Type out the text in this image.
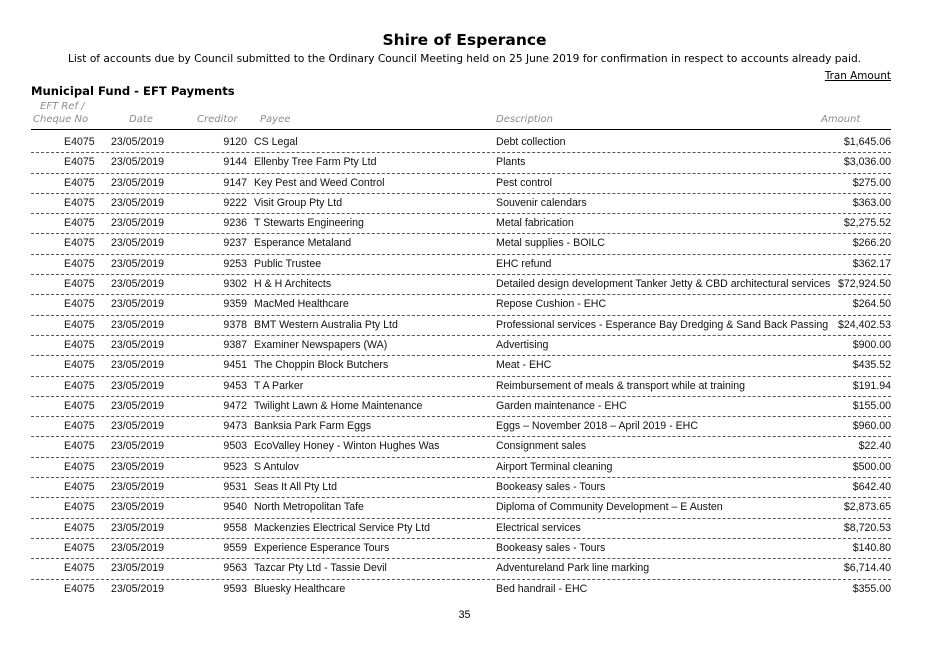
Shire of Esperance
List of accounts due by Council submitted to the Ordinary Council Meeting held on 25 June 2019 for confirmation in respect to accounts already paid.
Tran Amount
Municipal Fund - EFT Payments
EFT Ref /
Cheque No	Date	Creditor Payee	Description	Amount
E4075 23/05/2019	9120 CS Legal	Debt collection	$1,645.06
E4075 23/05/2019	9144 Ellenby Tree Farm Pty Ltd	Plants	$3,036.00
E4075 23/05/2019	9147 Key Pest and Weed Control	Pest control	$275.00
E4075 23/05/2019	9222 Visit Group Pty Ltd	Souvenir calendars	$363.00
E4075 23/05/2019	9236 T Stewarts Engineering	Metal fabrication	$2,275.52
E4075 23/05/2019	9237 Esperance Metaland	Metal supplies - BOILC	$266.20
E4075 23/05/2019	9253 Public Trustee	EHC refund	$362.17
E4075 23/05/2019	9302 H & H Architects	Detailed design development Tanker Jetty & CBD architectural services $72,924.50
E4075 23/05/2019	9359 MacMed Healthcare	Repose Cushion - EHC	$264.50
E4075 23/05/2019	9378 BMT Western Australia Pty Ltd	Professional services - Esperance Bay Dredging & Sand Back Passing $24,402.53
E4075 23/05/2019	9387 Examiner Newspapers (WA)	Advertising	$900.00
E4075 23/05/2019	9451 The Choppin Block Butchers	Meat - EHC	$435.52
E4075 23/05/2019	9453 T A Parker	Reimbursement of meals & transport while at training	$191.94
E4075 23/05/2019	9472 Twilight Lawn & Home Maintenance	Garden maintenance - EHC	$155.00
E4075 23/05/2019	9473 Banksia Park Farm Eggs	Eggs – November 2018 – April 2019 - EHC	$960.00
E4075 23/05/2019	9503 EcoValley Honey - Winton Hughes Was	Consignment sales	$22.40
E4075 23/05/2019	9523 S Antulov	Airport Terminal cleaning	$500.00
E4075 23/05/2019	9531 Seas It All Pty Ltd	Bookeasy sales - Tours	$642.40
E4075 23/05/2019	9540 North Metropolitan Tafe	Diploma of Community Development – E Austen	$2,873.65
E4075 23/05/2019	9558 Mackenzies Electrical Service Pty Ltd	Electrical services	$8,720.53
E4075 23/05/2019	9559 Experience Esperance Tours	Bookeasy sales - Tours	$140.80
E4075 23/05/2019	9563 Tazcar Pty Ltd - Tassie Devil	Adventureland Park line marking	$6,714.40
E4075 23/05/2019	9593 Bluesky Healthcare	Bed handrail - EHC	$355.00
35
